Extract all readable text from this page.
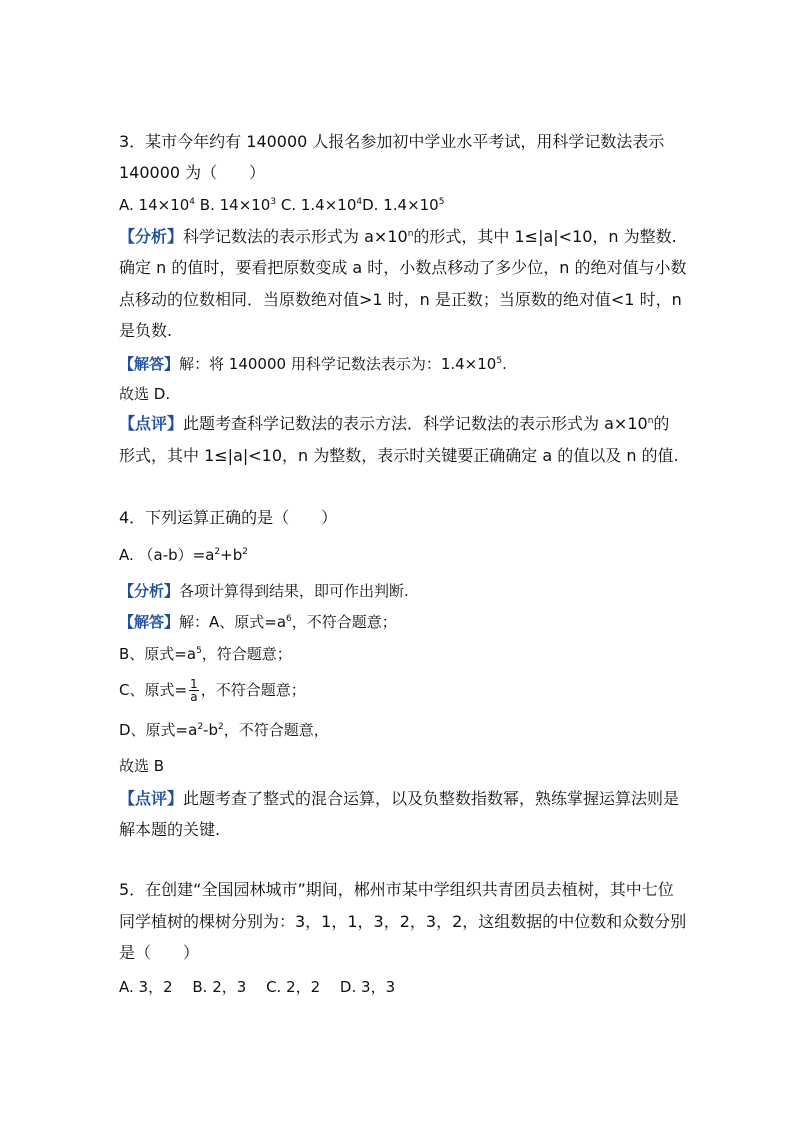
3．某市今年约有 140000 人报名参加初中学业水平考试，用科学记数法表示
140000 为（　　）
A. $14\times 10^4$ B. $14\times 10^3$ C. $1.4\times 10^4D$. $1.4\times 10^5$
【分析】科学记数法的表示形式为 $a\times 10^n$的形式，其中 1≤|a|<10，n 为整数.
确定 n 的值时，要看把原数变成 a 时，小数点移动了多少位，n 的绝对值与小数
点移动的位数相同．当原数绝对值>1 时，n 是正数；当原数的绝对值<1 时，n
是负数.
【解答】解：将 140000 用科学记数法表示为：$1.4\times 10^5$.
故选 D.
【点评】此题考查科学记数法的表示方法．科学记数法的表示形式为 $a\times 10^n$的
形式，其中 1≤|a|<10，n 为整数，表示时关键要正确确定 a 的值以及 n 的值.
4．下列运算正确的是（　　）
A. $(a-b)=a^2+b^2$
【分析】各项计算得到结果，即可作出判断.
【解答】解：A、原式$=a^6$，不符合题意；
B、原式$=a^5$，符合题意；
C、原式= $\frac{1}{a}$ ，不符合题意；
D、原式$=a^2-b^2$，不符合题意，
故选 B
【点评】此题考查了整式的混合运算，以及负整数指数幂，熟练掌握运算法则是
解本题的关键.
5．在创建“全国园林城市”期间，郴州市某中学组织共青团员去植树，其中七位
同学植树的棵树分别为：3，1，1，3，2，3，2，这组数据的中位数和众数分别
是（　　）
A. 3，2　 B. 2，3　 C. 2，2　 D. 3，3
